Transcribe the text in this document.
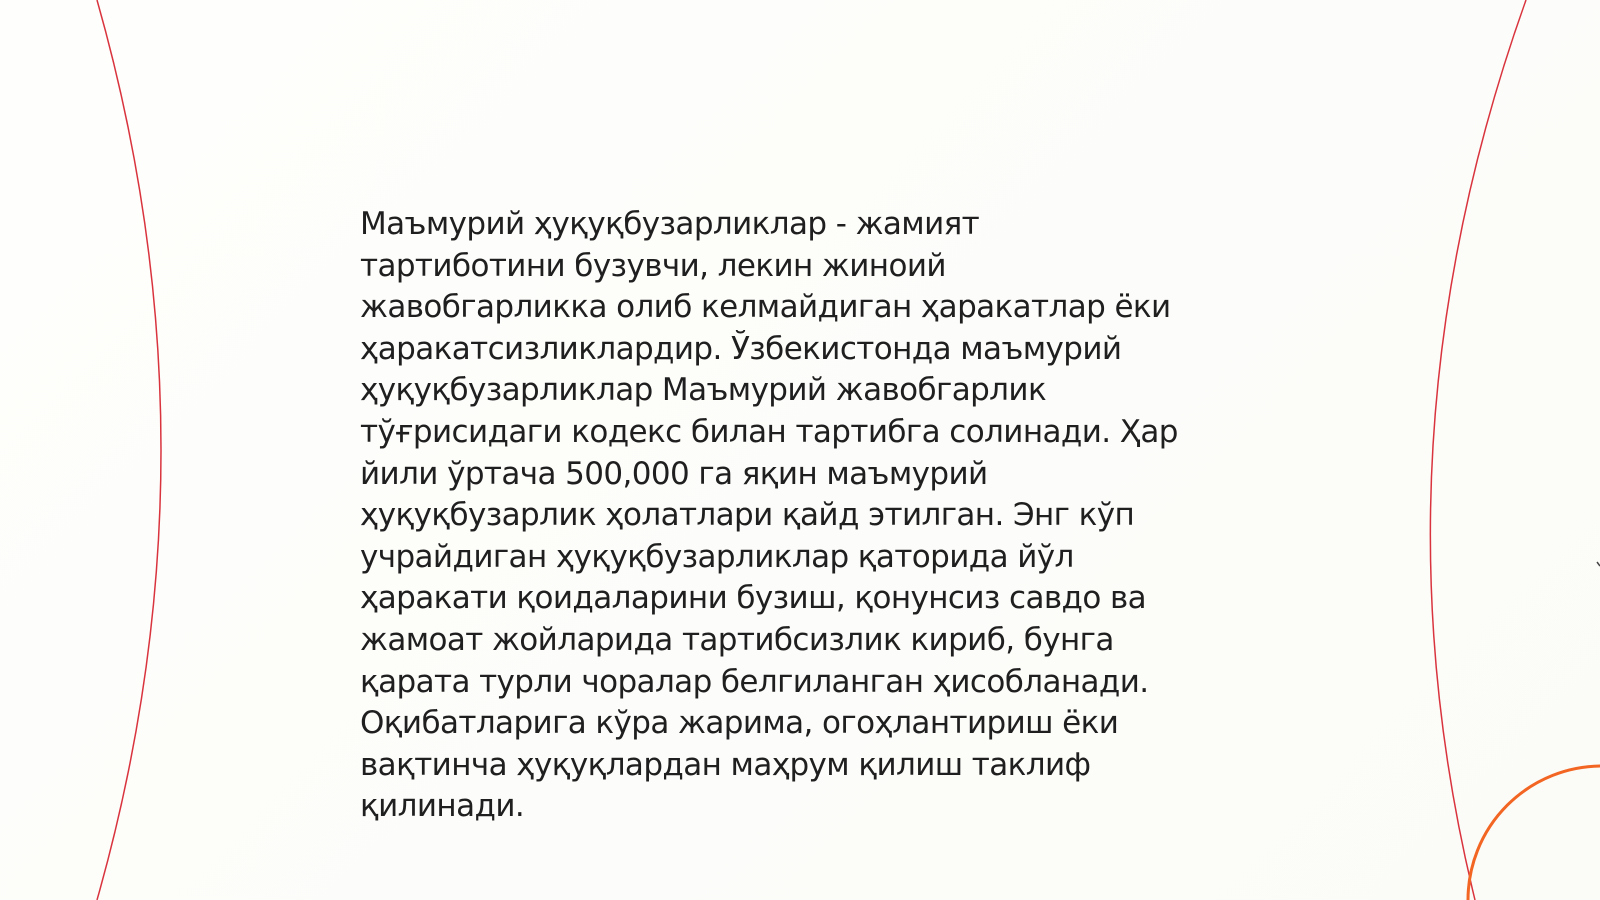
Маъмурий ҳуқуқбузарликлар - жамият
тартиботини бузувчи, лекин жиноий
жавобгарликка олиб келмайдиган ҳаракатлар ёки
ҳаракатсизликлардир. Ўзбекистонда маъмурий
ҳуқуқбузарликлар Маъмурий жавобгарлик
тўғрисидаги кодекс билан тартибга солинади. Ҳар
йили ўртача 500,000 га яқин маъмурий
ҳуқуқбузарлик ҳолатлари қайд этилган. Энг кўп
учрайдиган ҳуқуқбузарликлар қаторида йўл
ҳаракати қоидаларини бузиш, қонунсиз савдо ва
жамоат жойларида тартибсизлик кириб, бунга
қарата турли чоралар белгиланган ҳисобланади.
Оқибатларига кўра жарима, огоҳлантириш ёки
вақтинча ҳуқуқлардан маҳрум қилиш таклиф
қилинади.
